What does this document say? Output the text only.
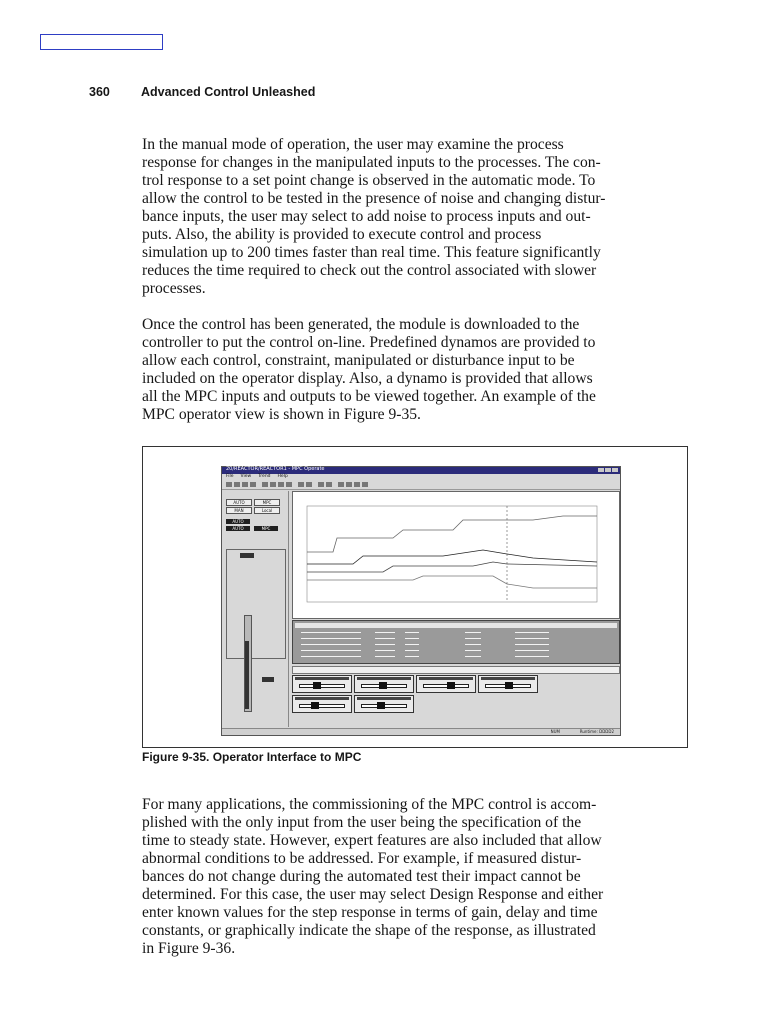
360 Advanced Control Unleashed
In the manual mode of operation, the user may examine the process
response for changes in the manipulated inputs to the processes. The con-
trol response to a set point change is observed in the automatic mode. To
allow the control to be tested in the presence of noise and changing distur-
bance inputs, the user may select to add noise to process inputs and out-
puts. Also, the ability is provided to execute control and process
simulation up to 200 times faster than real time. This feature significantly
reduces the time required to check out the control associated with slower
processes.
Once the control has been generated, the module is downloaded to the
controller to put the control on-line. Predefined dynamos are provided to
allow each control, constraint, manipulated or disturbance input to be
included on the operator display. Also, a dynamo is provided that allows
all the MPC inputs and outputs to be viewed together. An example of the
MPC operator view is shown in Figure 9-35.
20/REACTOR/REACTOR1 - MPC Operate
File View Trend Help
AUTO	MPC
MAN	Local
AUTO
AUTO	MPC
NUM	Runtime: DDDD2
Figure 9-35. Operator Interface to MPC
For many applications, the commissioning of the MPC control is accom-
plished with the only input from the user being the specification of the
time to steady state. However, expert features are also included that allow
abnormal conditions to be addressed. For example, if measured distur-
bances do not change during the automated test their impact cannot be
determined. For this case, the user may select Design Response and either
enter known values for the step response in terms of gain, delay and time
constants, or graphically indicate the shape of the response, as illustrated
in Figure 9-36.
